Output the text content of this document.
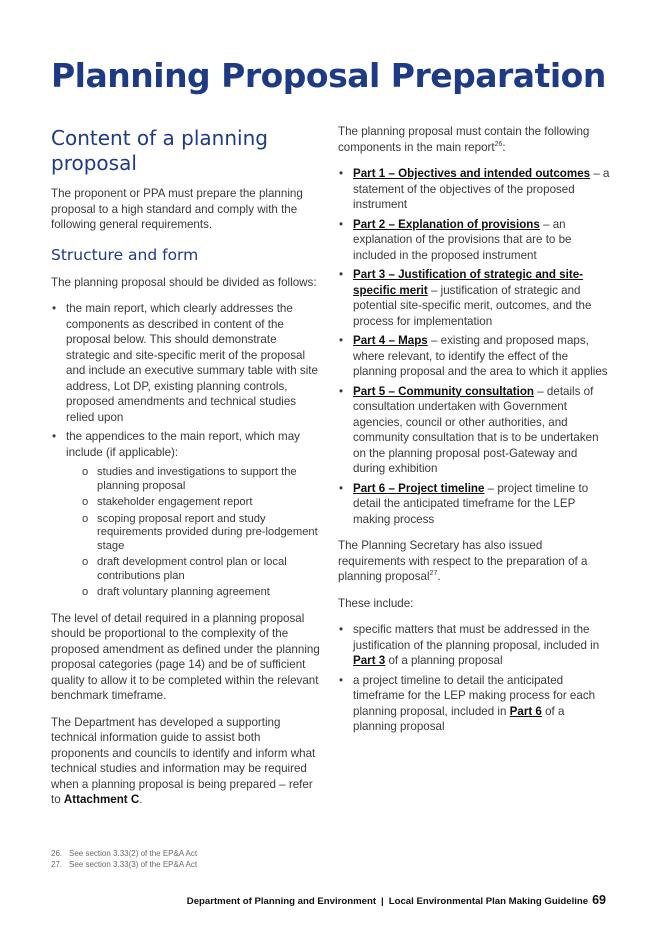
Planning Proposal Preparation
Content of a planning proposal

The proponent or PPA must prepare the planning proposal to a high standard and comply with the following general requirements.

Structure and form

The planning proposal should be divided as follows:

• the main report, which clearly addresses the components as described in content of the proposal below. This should demonstrate strategic and site-specific merit of the proposal and include an executive summary table with site address, Lot DP, existing planning controls, proposed amendments and technical studies relied upon
• the appendices to the main report, which may include (if applicable):
o studies and investigations to support the planning proposal
o stakeholder engagement report
o scoping proposal report and study requirements provided during pre-lodgement stage
o draft development control plan or local contributions plan
o draft voluntary planning agreement

The level of detail required in a planning proposal should be proportional to the complexity of the proposed amendment as defined under the planning proposal categories (page 14) and be of sufficient quality to allow it to be completed within the relevant benchmark timeframe.

The Department has developed a supporting technical information guide to assist both proponents and councils to identify and inform what technical studies and information may be required when a planning proposal is being prepared – refer to Attachment C.

The planning proposal must contain the following components in the main report$^{26}$:

• Part 1 – Objectives and intended outcomes – a statement of the objectives of the proposed instrument
• Part 2 – Explanation of provisions – an explanation of the provisions that are to be included in the proposed instrument
• Part 3 – Justification of strategic and site-specific merit – justification of strategic and potential site-specific merit, outcomes, and the process for implementation
• Part 4 – Maps – existing and proposed maps, where relevant, to identify the effect of the planning proposal and the area to which it applies
• Part 5 – Community consultation – details of consultation undertaken with Government agencies, council or other authorities, and community consultation that is to be undertaken on the planning proposal post-Gateway and during exhibition
• Part 6 – Project timeline – project timeline to detail the anticipated timeframe for the LEP making process

The Planning Secretary has also issued requirements with respect to the preparation of a planning proposal$^{27}$.

These include:

• specific matters that must be addressed in the justification of the planning proposal, included in Part 3 of a planning proposal
• a project timeline to detail the anticipated timeframe for the LEP making process for each planning proposal, included in Part 6 of a planning proposal
26. See section 3.33(2) of the EP&A Act
27. See section 3.33(3) of the EP&A Act
Department of Planning and Environment | Local Environmental Plan Making Guideline 69
